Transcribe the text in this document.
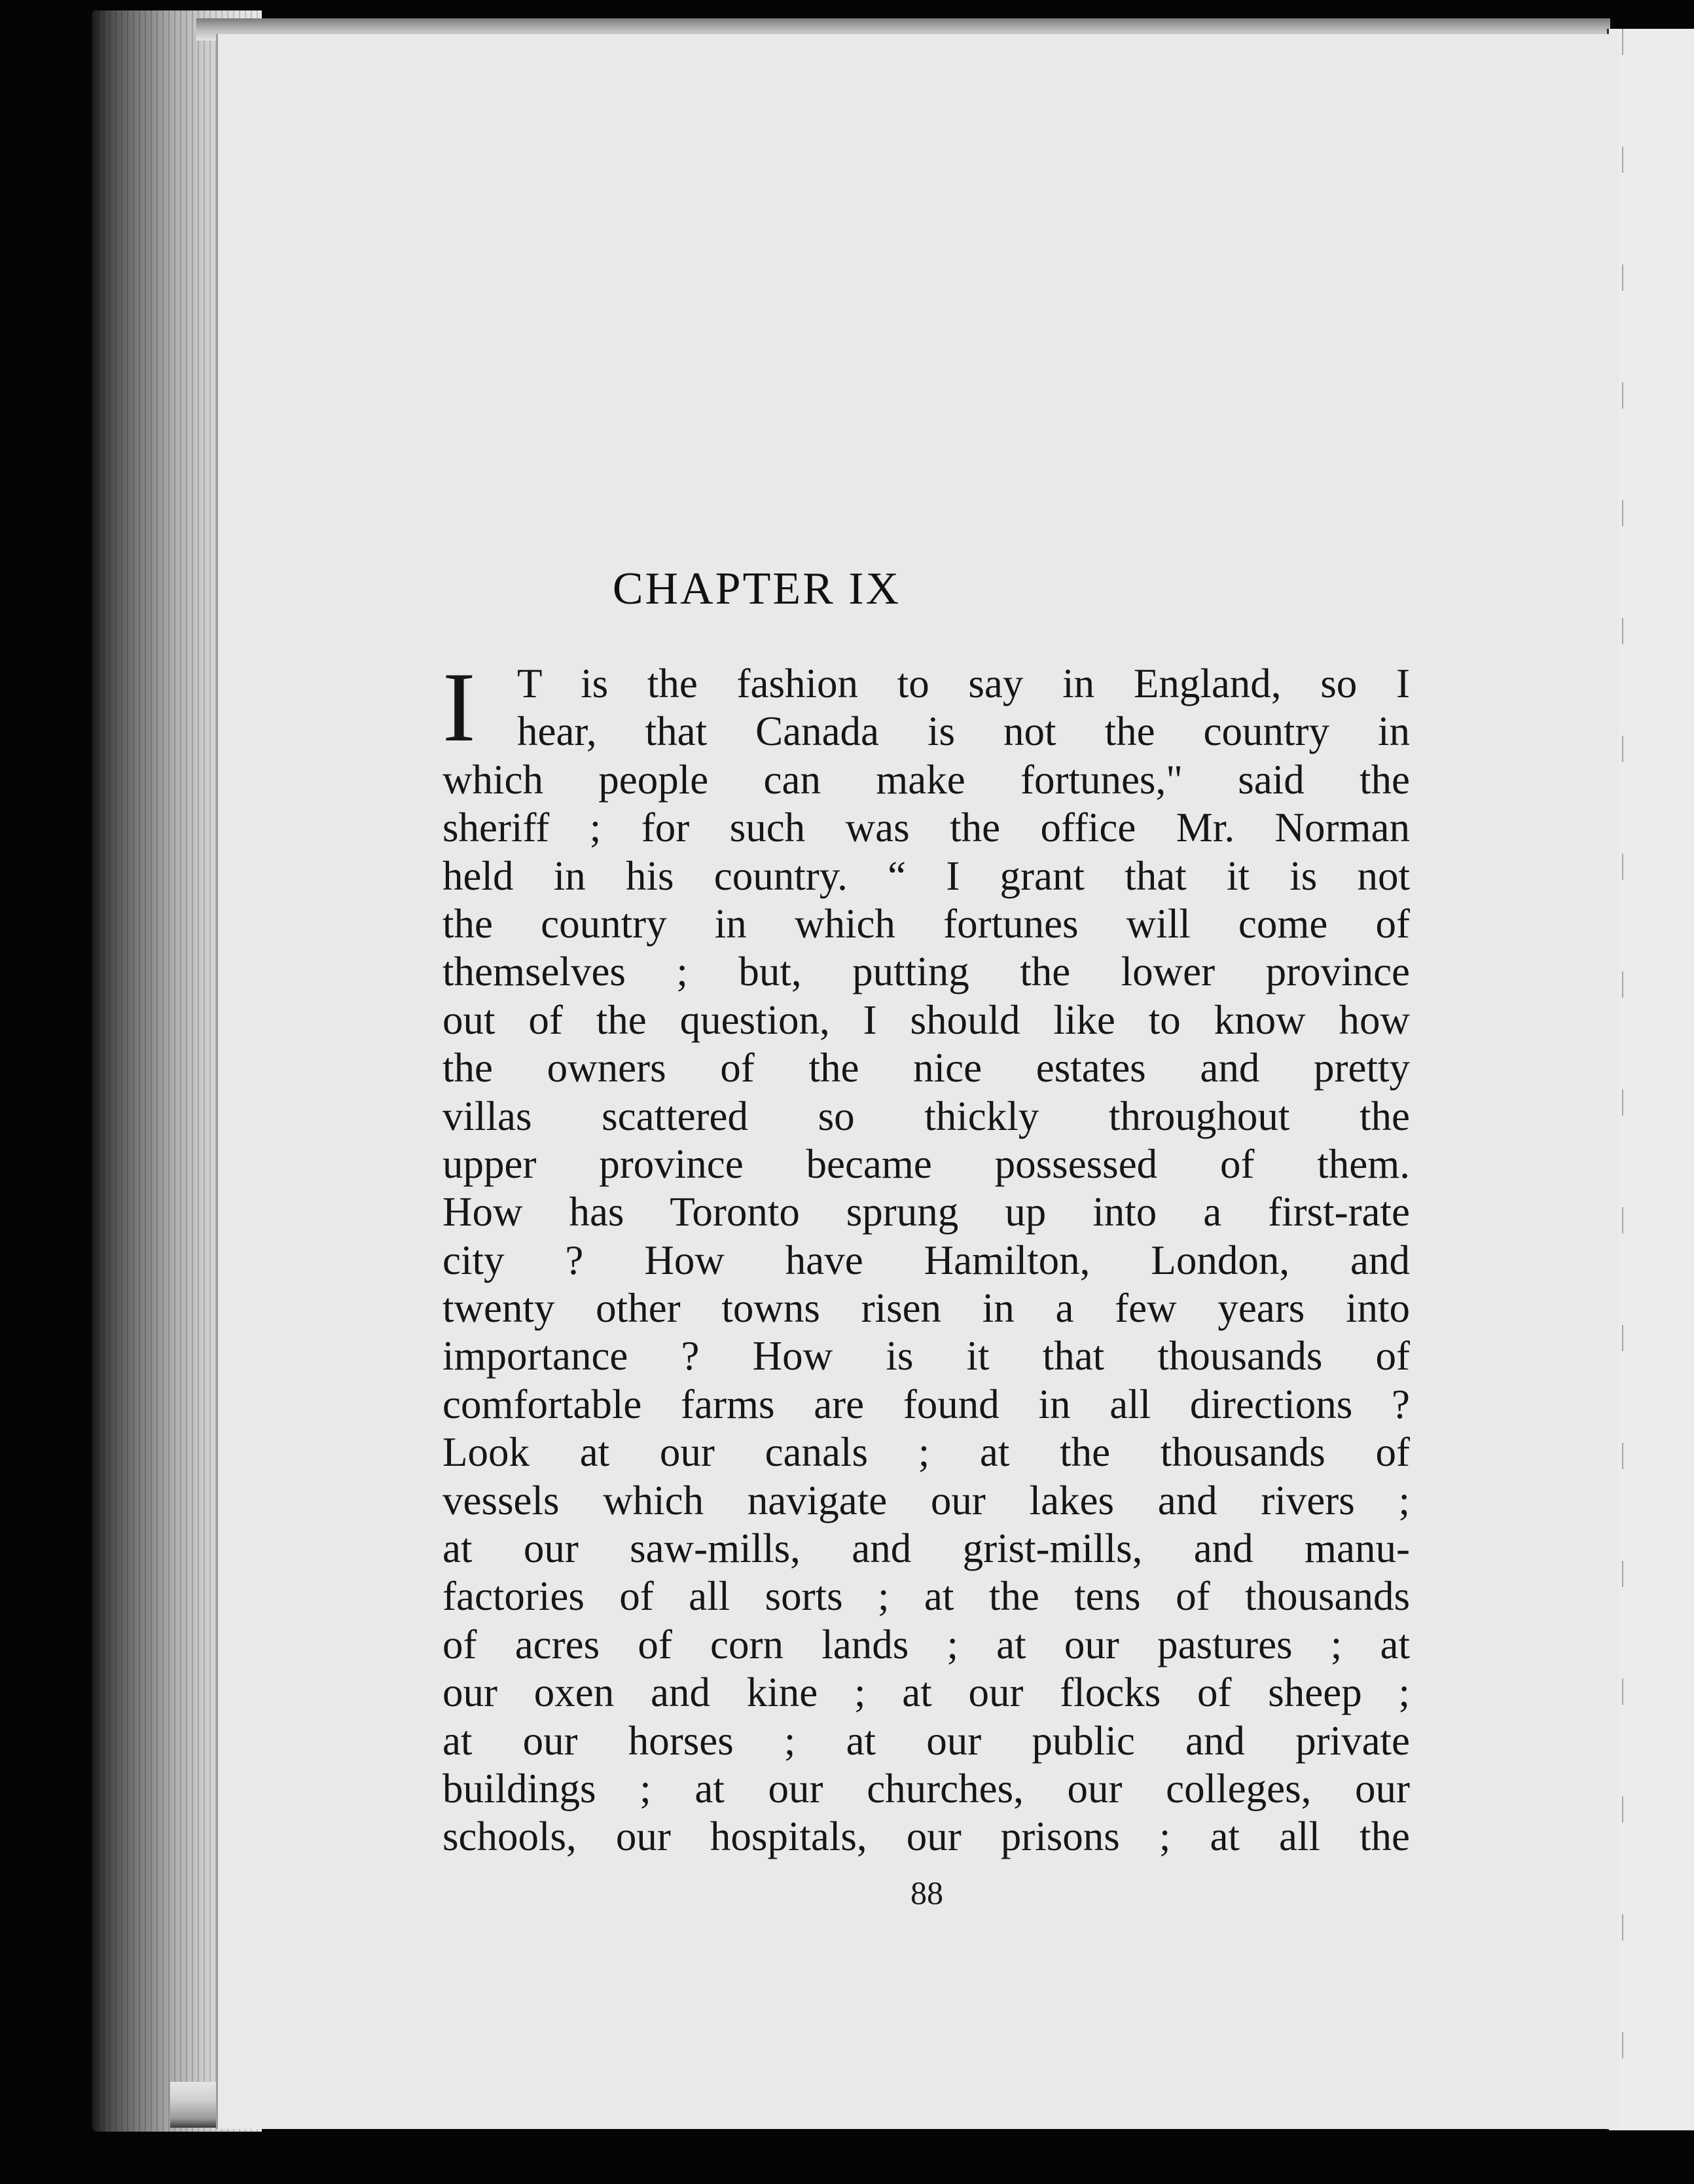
CHAPTER IX
I	T is the fashion to say in England, so I
hear, that Canada is not the country in
which people can make fortunes," said the
sheriff ; for such was the office Mr. Norman
held in his country. “ I grant that it is not
the country in which fortunes will come of
themselves ; but, putting the lower province
out of the question, I should like to know how
the owners of the nice estates and pretty
villas scattered so thickly throughout the
upper province became possessed of them.
How has Toronto sprung up into a first-rate
city ? How have Hamilton, London, and
twenty other towns risen in a few years into
importance ? How is it that thousands of
comfortable farms are found in all directions ?
Look at our canals ; at the thousands of
vessels which navigate our lakes and rivers ;
at our saw-mills, and grist-mills, and manu-
factories of all sorts ; at the tens of thousands
of acres of corn lands ; at our pastures ; at
our oxen and kine ; at our flocks of sheep ;
at our horses ; at our public and private
buildings ; at our churches, our colleges, our
schools, our hospitals, our prisons ; at all the
88
